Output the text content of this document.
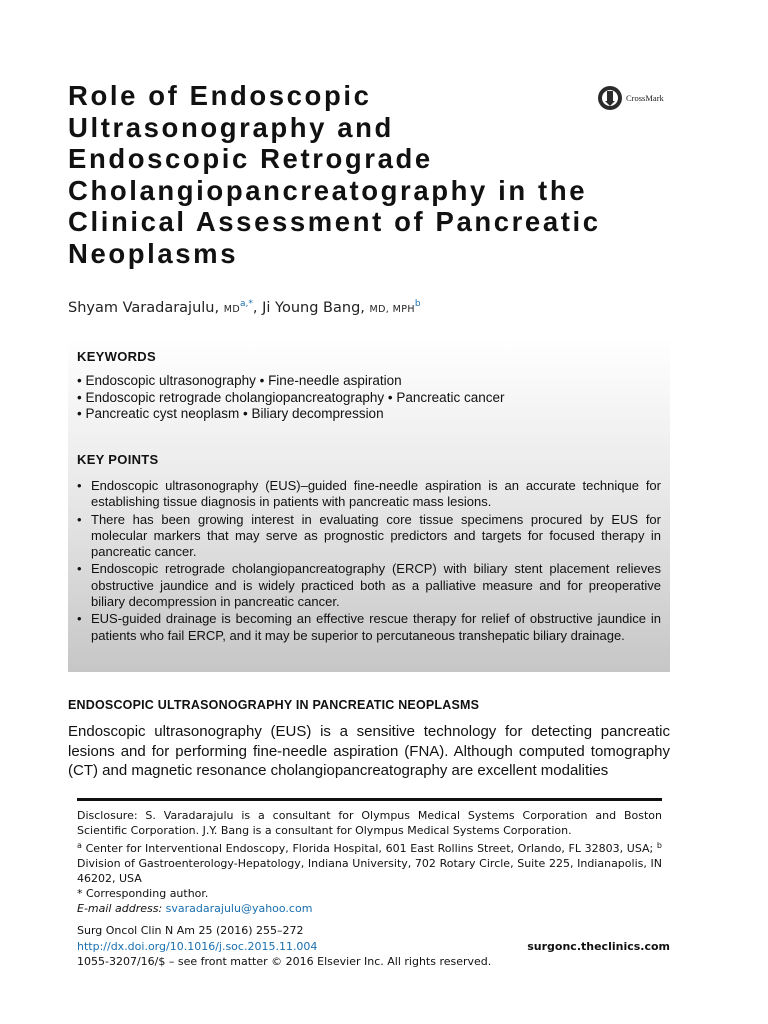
Role of Endoscopic
Ultrasonography and
Endoscopic Retrograde
Cholangiopancreatography in the
Clinical Assessment of Pancreatic
Neoplasms
CrossMark
Shyam Varadarajulu, $MD^{a,*}$, Ji Young Bang, MD, MPH$^b$
KEYWORDS
• Endoscopic ultrasonography • Fine-needle aspiration
• Endoscopic retrograde cholangiopancreatography • Pancreatic cancer
• Pancreatic cyst neoplasm • Biliary decompression
KEY POINTS
• Endoscopic ultrasonography (EUS)–guided fine-needle aspiration is an accurate technique for establishing tissue diagnosis in patients with pancreatic mass lesions.
• There has been growing interest in evaluating core tissue specimens procured by EUS for molecular markers that may serve as prognostic predictors and targets for focused therapy in pancreatic cancer.
• Endoscopic retrograde cholangiopancreatography (ERCP) with biliary stent placement relieves obstructive jaundice and is widely practiced both as a palliative measure and for preoperative biliary decompression in pancreatic cancer.
• EUS-guided drainage is becoming an effective rescue therapy for relief of obstructive jaundice in patients who fail ERCP, and it may be superior to percutaneous transhepatic biliary drainage.
ENDOSCOPIC ULTRASONOGRAPHY IN PANCREATIC NEOPLASMS
Endoscopic ultrasonography (EUS) is a sensitive technology for detecting pancreatic lesions and for performing fine-needle aspiration (FNA). Although computed tomography (CT) and magnetic resonance cholangiopancreatography are excellent modalities

Disclosure: S. Varadarajulu is a consultant for Olympus Medical Systems Corporation and Boston Scientific Corporation. J.Y. Bang is a consultant for Olympus Medical Systems Corporation.

$^a$ Center for Interventional Endoscopy, Florida Hospital, 601 East Rollins Street, Orlando, FL 32803, USA; $^b$ Division of Gastroenterology-Hepatology, Indiana University, 702 Rotary Circle, Suite 225, Indianapolis, IN 46202, USA

* Corresponding author.

E-mail address: svaradarajulu@yahoo.com

Surg Oncol Clin N Am 25 (2016) 255–272
http://dx.doi.org/10.1016/j.soc.2015.11.004	surgonc.theclinics.com
1055-3207/16/$ – see front matter © 2016 Elsevier Inc. All rights reserved.
